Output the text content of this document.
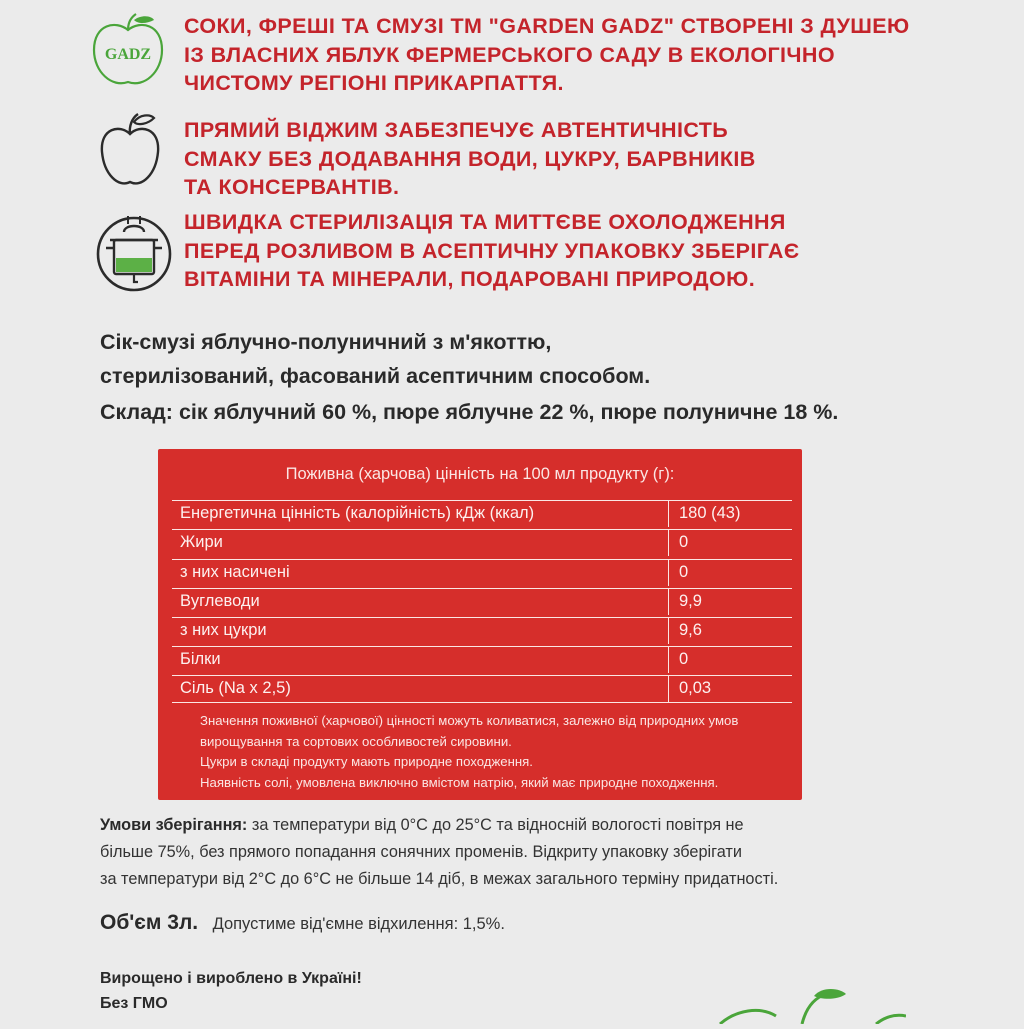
GADZ
СОКИ, ФРЕШІ ТА СМУЗІ ТМ "GARDEN GADZ" СТВОРЕНІ З ДУШЕЮ
ІЗ ВЛАСНИХ ЯБЛУК ФЕРМЕРСЬКОГО САДУ В ЕКОЛОГІЧНО
ЧИСТОМУ РЕГІОНІ ПРИКАРПАТТЯ.
ПРЯМИЙ ВІДЖИМ ЗАБЕЗПЕЧУЄ АВТЕНТИЧНІСТЬ
СМАКУ БЕЗ ДОДАВАННЯ ВОДИ, ЦУКРУ, БАРВНИКІВ
ТА КОНСЕРВАНТІВ.
ШВИДКА СТЕРИЛІЗАЦІЯ ТА МИТТЄВЕ ОХОЛОДЖЕННЯ
ПЕРЕД РОЗЛИВОМ В АСЕПТИЧНУ УПАКОВКУ ЗБЕРІГАЄ
ВІТАМІНИ ТА МІНЕРАЛИ, ПОДАРОВАНІ ПРИРОДОЮ.
Сік-смузі яблучно-полуничний з м'якоттю,
стерилізований, фасований асептичним способом.
Склад: сік яблучний 60 %, пюре яблучне 22 %, пюре полуничне 18 %.
Поживна (харчова) цінність на 100 мл продукту (г):
Енергетична цінність (калорійність) кДж (ккал)	180 (43)
Жири	0
з них насичені	0
Вуглеводи	9,9
з них цукри	9,6
Білки	0
Сіль (Na x 2,5)	0,03
Значення поживної (харчової) цінності можуть коливатися, залежно від природних умов
вирощування та сортових особливостей сировини.
Цукри в складі продукту мають природне походження.
Наявність солі, умовлена виключно вмістом натрію, який має природне походження.
Умови зберігання: за температури від 0°С до 25°С та відносній вологості повітря не
більше 75%, без прямого попадання сонячних променів. Відкриту упаковку зберігати
за температури від 2°С до 6°С не більше 14 діб, в межах загального терміну придатності.
Об'єм 3л. Допустиме від'ємне відхилення: 1,5%.
Вирощено і вироблено в Україні!
Без ГМО
